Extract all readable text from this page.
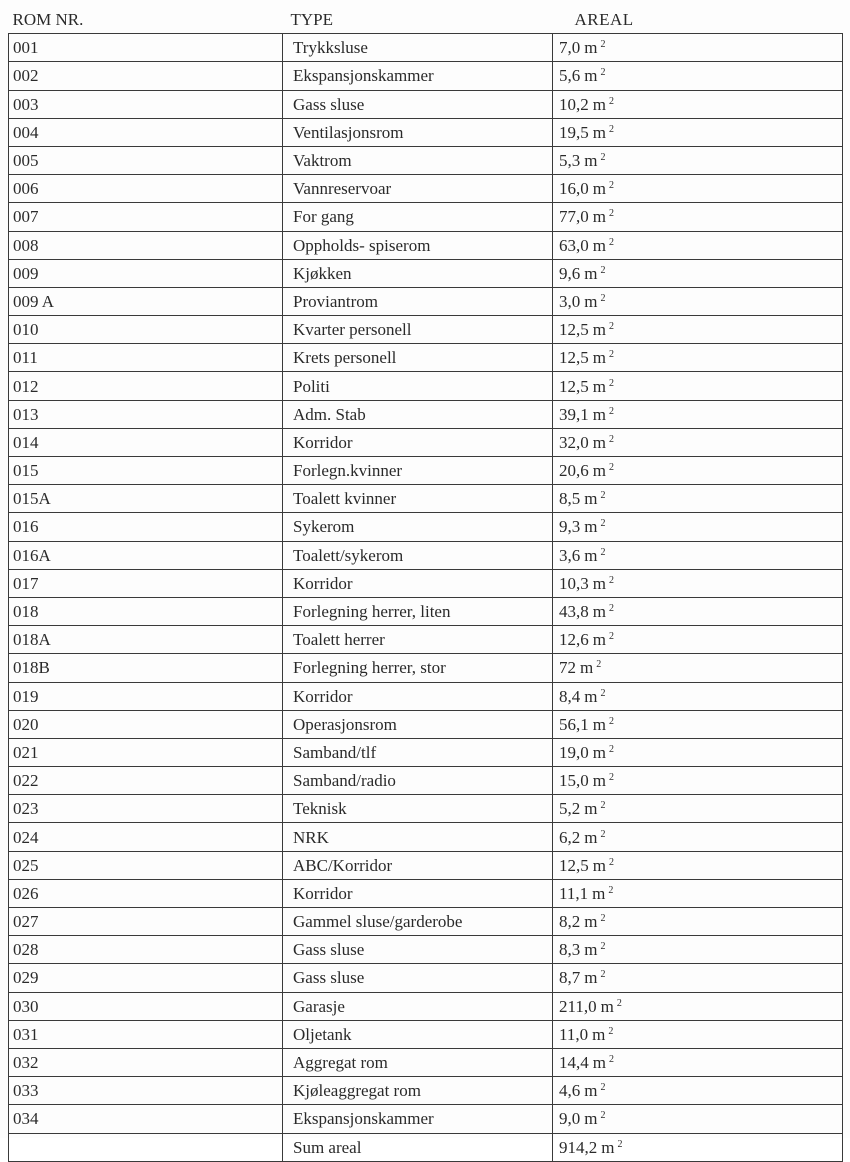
ROM NR.	TYPE	AREAL
001	Trykksluse	7,0 m $^2$
002	Ekspansjonskammer	5,6 m $^2$
003	Gass sluse	10,2 m $^2$
004	Ventilasjonsrom	19,5 m $^2$
005	Vaktrom	5,3 m $^2$
006	Vannreservoar	16,0 m $^2$
007	For gang	77,0 m $^2$
008	Oppholds- spiserom	63,0 m $^2$
009	Kjøkken	9,6 m $^2$
009 A	Proviantrom	3,0 m $^2$
010	Kvarter personell	12,5 m $^2$
011	Krets personell	12,5 m $^2$
012	Politi	12,5 m $^2$
013	Adm. Stab	39,1 m $^2$
014	Korridor	32,0 m $^2$
015	Forlegn.kvinner	20,6 m $^2$
015A	Toalett kvinner	8,5 m $^2$
016	Sykerom	9,3 m $^2$
016A	Toalett/sykerom	3,6 m $^2$
017	Korridor	10,3 m $^2$
018	Forlegning herrer, liten	43,8 m $^2$
018A	Toalett herrer	12,6 m $^2$
018B	Forlegning herrer, stor	72 m $^2$
019	Korridor	8,4 m $^2$
020	Operasjonsrom	56,1 m $^2$
021	Samband/tlf	19,0 m $^2$
022	Samband/radio	15,0 m $^2$
023	Teknisk	5,2 m $^2$
024	NRK	6,2 m $^2$
025	ABC/Korridor	12,5 m $^2$
026	Korridor	11,1 m $^2$
027	Gammel sluse/garderobe	8,2 m $^2$
028	Gass sluse	8,3 m $^2$
029	Gass sluse	8,7 m $^2$
030	Garasje	211,0 m $^2$
031	Oljetank	11,0 m $^2$
032	Aggregat rom	14,4 m $^2$
033	Kjøleaggregat rom	4,6 m $^2$
034	Ekspansjonskammer	9,0 m $^2$
	Sum areal	914,2 m $^2$
